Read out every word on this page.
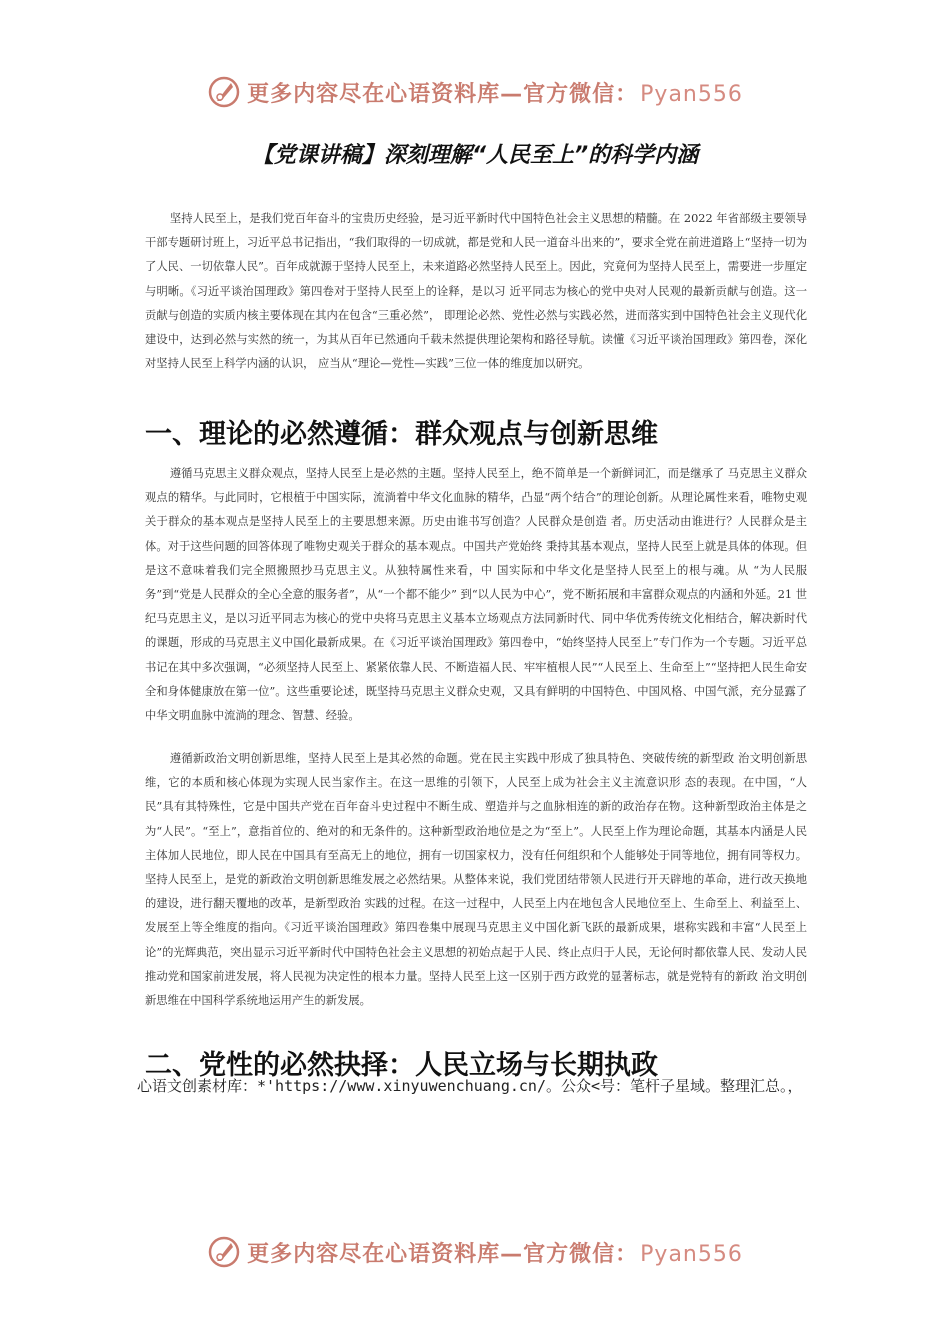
更多内容尽在心语资料库—官方微信：Pyan556
【党课讲稿】深刻理解“人民至上”的科学内涵

坚持人民至上，是我们党百年奋斗的宝贵历史经验，是习近平新时代中国特色社会主义思想的精髓。在 2022 年省部级主要领导干部专题研讨班上，习近平总书记指出，“我们取得的一切成就，都是党和人民一道奋斗出来的”，要求全党在前进道路上“坚持一切为了人民、一切依靠人民”。百年成就源于坚持人民至上，未来道路必然坚持人民至上。因此，究竟何为坚持人民至上，需要进一步厘定与明晰。《习近平谈治国理政》第四卷对于坚持人民至上的诠释，是以习 近平同志为核心的党中央对人民观的最新贡献与创造。这一贡献与创造的实质内核主要体现在其内在包含“三重必然”， 即理论必然、党性必然与实践必然，进而落实到中国特色社会主义现代化建设中，达到必然与实然的统一，为其从百年已然通向千载未然提供理论架构和路径导航。读懂《习近平谈治国理政》第四卷，深化对坚持人民至上科学内涵的认识， 应当从“理论—党性—实践”三位一体的维度加以研究。

一、理论的必然遵循：群众观点与创新思维

遵循马克思主义群众观点，坚持人民至上是必然的主题。坚持人民至上，绝不简单是一个新鲜词汇，而是继承了 马克思主义群众观点的精华。与此同时，它根植于中国实际，流淌着中华文化血脉的精华，凸显“两个结合”的理论创新。从理论属性来看，唯物史观关于群众的基本观点是坚持人民至上的主要思想来源。历史由谁书写创造？人民群众是创造 者。历史活动由谁进行？人民群众是主体。对于这些问题的回答体现了唯物史观关于群众的基本观点。中国共产党始终 秉持其基本观点，坚持人民至上就是具体的体现。但是这不意味着我们完全照搬照抄马克思主义。从独特属性来看，中 国实际和中华文化是坚持人民至上的根与魂。从 “为人民服务”到“党是人民群众的全心全意的服务者”，从“一个都不能少” 到“以人民为中心”，党不断拓展和丰富群众观点的内涵和外延。21 世纪马克思主义，是以习近平同志为核心的党中央将马克思主义基本立场观点方法同新时代、同中华优秀传统文化相结合，解决新时代的课题，形成的马克思主义中国化最新成果。在《习近平谈治国理政》第四卷中，“始终坚持人民至上”专门作为一个专题。习近平总书记在其中多次强调，“必须坚持人民至上、紧紧依靠人民、不断造福人民、牢牢植根人民”“人民至上、生命至上”“坚持把人民生命安全和身体健康放在第一位”。这些重要论述，既坚持马克思主义群众史观，又具有鲜明的中国特色、中国风格、中国气派，充分显露了中华文明血脉中流淌的理念、智慧、经验。

遵循新政治文明创新思维，坚持人民至上是其必然的命题。党在民主实践中形成了独具特色、突破传统的新型政 治文明创新思维，它的本质和核心体现为实现人民当家作主。在这一思维的引领下，人民至上成为社会主义主流意识形 态的表现。在中国，“人民”具有其特殊性，它是中国共产党在百年奋斗史过程中不断生成、塑造并与之血脉相连的新的政治存在物。这种新型政治主体是之为“人民”。“至上”，意指首位的、绝对的和无条件的。这种新型政治地位是之为“至上”。人民至上作为理论命题，其基本内涵是人民主体加人民地位，即人民在中国具有至高无上的地位，拥有一切国家权力，没有任何组织和个人能够处于同等地位，拥有同等权力。坚持人民至上，是党的新政治文明创新思维发展之必然结果。从整体来说，我们党团结带领人民进行开天辟地的革命，进行改天换地的建设，进行翻天覆地的改革，是新型政治 实践的过程。在这一过程中，人民至上内在地包含人民地位至上、生命至上、利益至上、发展至上等全维度的指向。《习近平谈治国理政》第四卷集中展现马克思主义中国化新飞跃的最新成果，堪称实践和丰富“人民至上论”的光辉典范，突出显示习近平新时代中国特色社会主义思想的初始点起于人民、终止点归于人民，无论何时都依靠人民、发动人民推动党和国家前进发展，将人民视为决定性的根本力量。坚持人民至上这一区别于西方政党的显著标志，就是党特有的新政 治文明创新思维在中国科学系统地运用产生的新发展。

二、党性的必然抉择：人民立场与长期执政

心语文创素材库：*'https://www.xinyuwenchuang.cn/。公众<号：笔杆子星域。整理汇总。，

更多内容尽在心语资料库—官方微信：Pyan556
